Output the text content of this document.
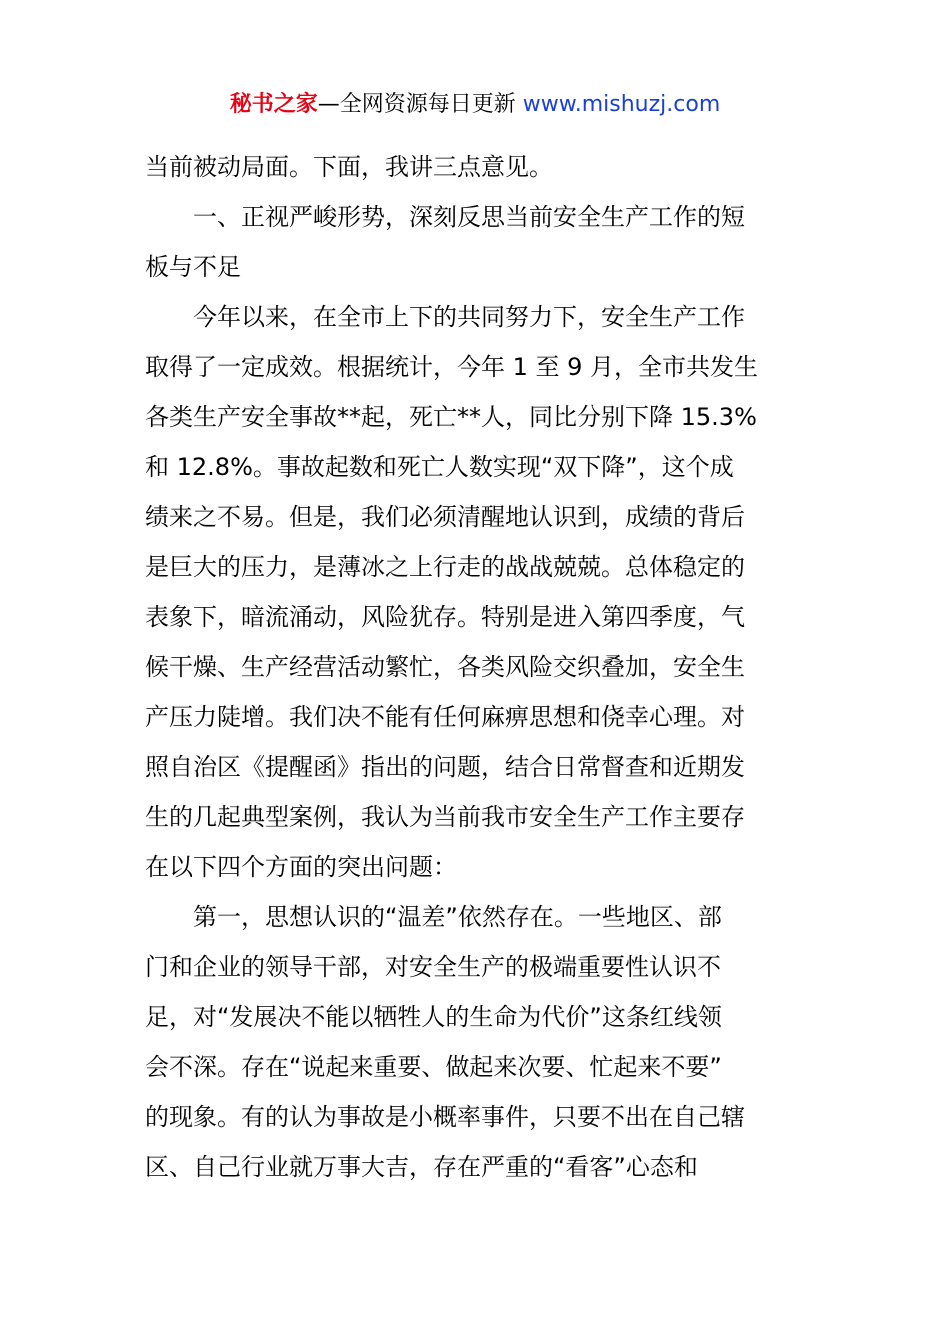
秘书之家—全网资源每日更新 www.mishuzj.com
当前被动局面。下面，我讲三点意见。
一、正视严峻形势，深刻反思当前安全生产工作的短
板与不足
今年以来，在全市上下的共同努力下，安全生产工作
取得了一定成效。根据统计，今年 1 至 9 月，全市共发生
各类生产安全事故**起，死亡**人，同比分别下降 15.3%
和 12.8%。事故起数和死亡人数实现“双下降”，这个成
绩来之不易。但是，我们必须清醒地认识到，成绩的背后
是巨大的压力，是薄冰之上行走的战战兢兢。总体稳定的
表象下，暗流涌动，风险犹存。特别是进入第四季度，气
候干燥、生产经营活动繁忙，各类风险交织叠加，安全生
产压力陡增。我们决不能有任何麻痹思想和侥幸心理。对
照自治区《提醒函》指出的问题，结合日常督查和近期发
生的几起典型案例，我认为当前我市安全生产工作主要存
在以下四个方面的突出问题：
第一，思想认识的“温差”依然存在。一些地区、部
门和企业的领导干部，对安全生产的极端重要性认识不
足，对“发展决不能以牺牲人的生命为代价”这条红线领
会不深。存在“说起来重要、做起来次要、忙起来不要”
的现象。有的认为事故是小概率事件，只要不出在自己辖
区、自己行业就万事大吉，存在严重的“看客”心态和
